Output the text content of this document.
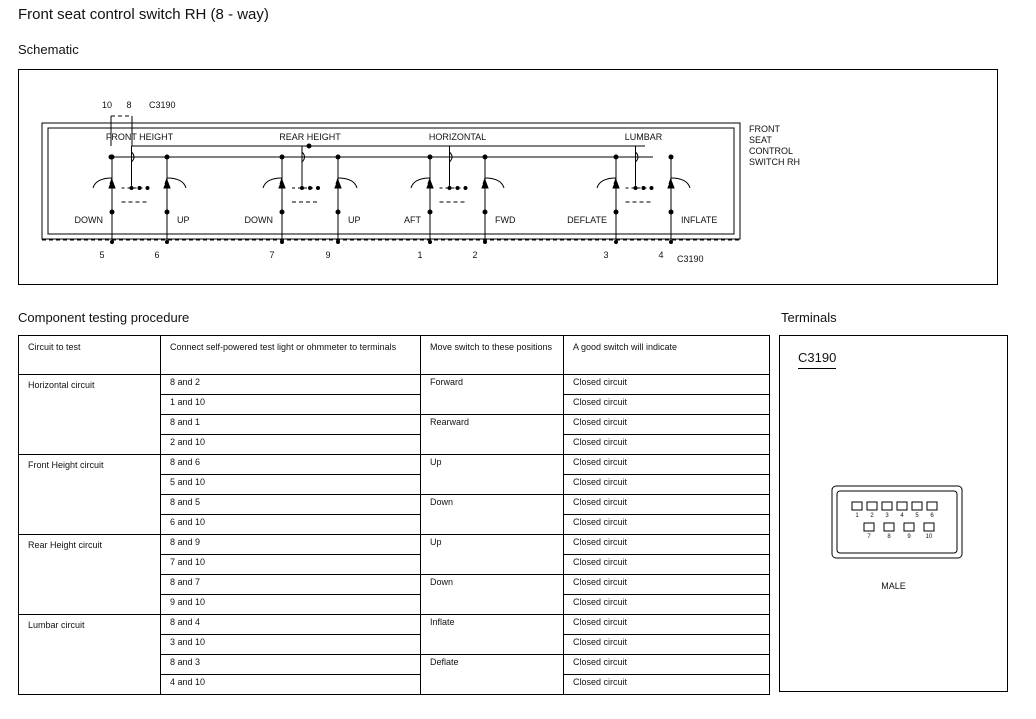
Front seat control switch RH (8 - way)
Schematic
FRONT HEIGHT
DOWN	UP
5	6
REAR HEIGHT
DOWN	UP
7	9
HORIZONTAL
AFT	FWD
1	2
LUMBAR
DEFLATE	INFLATE
3	4
10 8 C3190
C3190
FRONT
SEAT
CONTROL
SWITCH RH
Component testing procedure	Terminals
Circuit to test	Connect self-powered test light or ohmmeter to terminals	Move switch to these positions	A good switch will indicate
Horizontal circuit	8 and 2	Forward	Closed circuit
	1 and 10		Closed circuit
	8 and 1	Rearward	Closed circuit
	2 and 10		Closed circuit
Front Height circuit	8 and 6	Up	Closed circuit
	5 and 10		Closed circuit
	8 and 5	Down	Closed circuit
	6 and 10		Closed circuit
Rear Height circuit	8 and 9	Up	Closed circuit
	7 and 10		Closed circuit
	8 and 7	Down	Closed circuit
	9 and 10		Closed circuit
Lumbar circuit	8 and 4	Inflate	Closed circuit
	3 and 10		Closed circuit
	8 and 3	Deflate	Closed circuit
	4 and 10		Closed circuit
C3190
1 2 3 4 5 6
7	8	9 10
MALE
